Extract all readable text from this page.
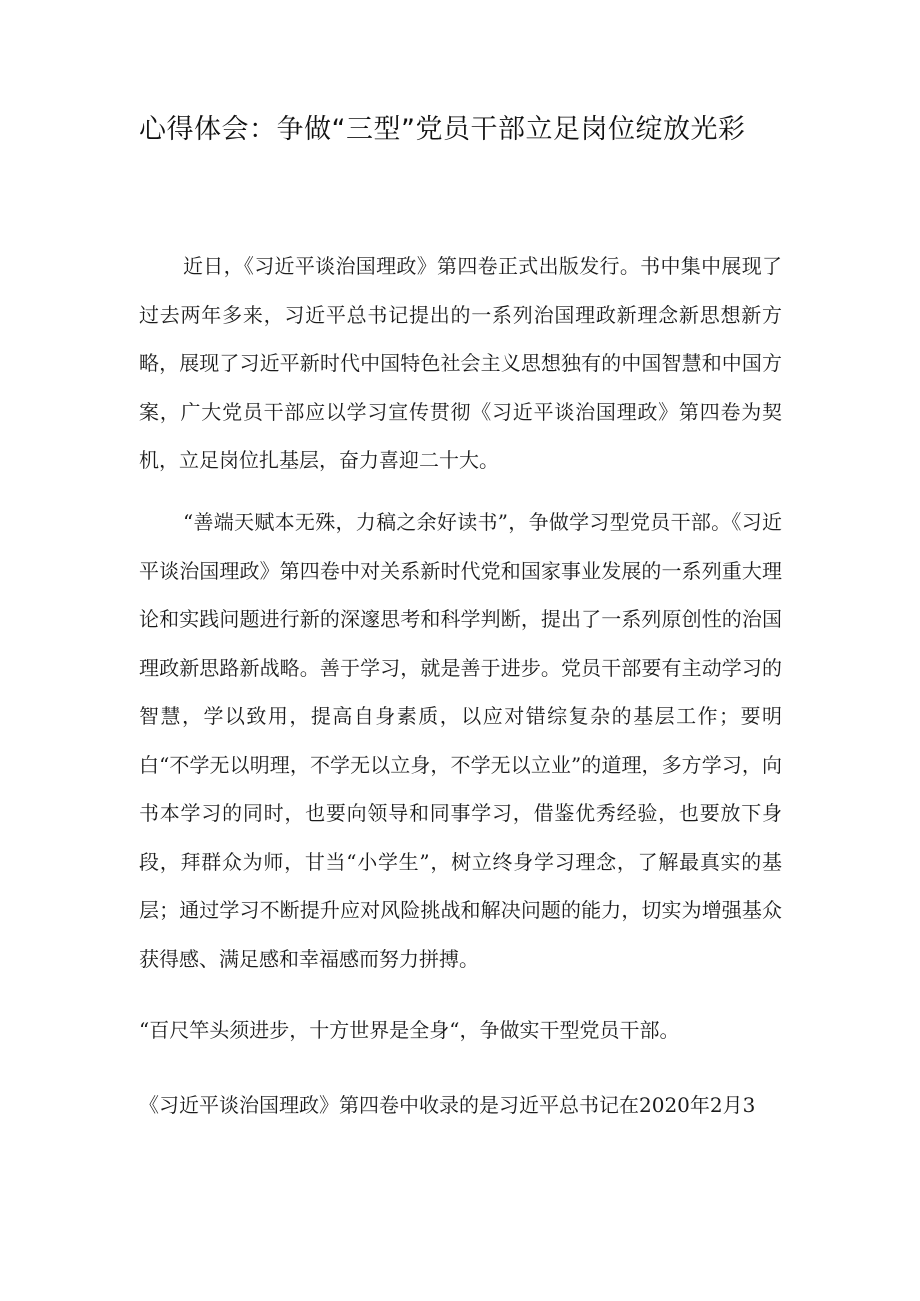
心得体会：争做“三型”党员干部立足岗位绽放光彩

近日，《习近平谈治国理政》第四卷正式出版发行。书中集中展现了过去两年多来，习近平总书记提出的一系列治国理政新理念新思想新方略，展现了习近平新时代中国特色社会主义思想独有的中国智慧和中国方案，广大党员干部应以学习宣传贯彻《习近平谈治国理政》第四卷为契机，立足岗位扎基层，奋力喜迎二十大。

“善端天赋本无殊，力稿之余好读书”，争做学习型党员干部。《习近平谈治国理政》第四卷中对关系新时代党和国家事业发展的一系列重大理论和实践问题进行新的深邃思考和科学判断，提出了一系列原创性的治国理政新思路新战略。善于学习，就是善于进步。党员干部要有主动学习的智慧，学以致用，提高自身素质，以应对错综复杂的基层工作；要明白“不学无以明理，不学无以立身，不学无以立业”的道理，多方学习，向书本学习的同时，也要向领导和同事学习，借鉴优秀经验，也要放下身段，拜群众为师，甘当“小学生”，树立终身学习理念，了解最真实的基层；通过学习不断提升应对风险挑战和解决问题的能力，切实为增强基众获得感、满足感和幸福感而努力拼搏。

“百尺竿头须进步，十方世界是全身“，争做实干型党员干部。

《习近平谈治国理政》第四卷中收录的是习近平总书记在2020年2月3
